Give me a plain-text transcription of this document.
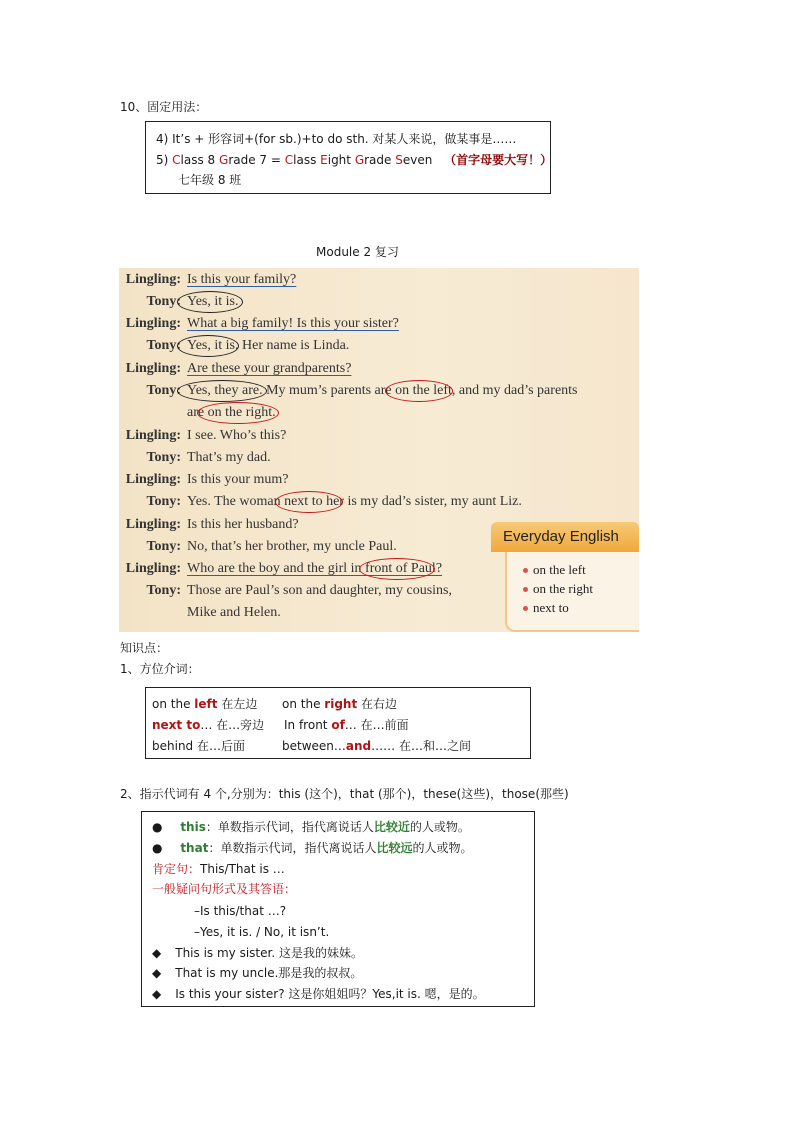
10、固定用法：
4) It’s + 形容词+(for sb.)+to do sth. 对某人来说，做某事是……
5) Class 8 Grade 7 = Class Eight Grade Seven （首字母要大写！）
七年级 8 班
Module 2 复习
Lingling: Is this your family?
Tony: Yes, it is.
Lingling: What a big family! Is this your sister?
Tony: Yes, it is. Her name is Linda.
Lingling: Are these your grandparents?
Tony: Yes, they are. My mum’s parents are on the left, and my dad’s parents
are on the right.
Lingling: I see. Who’s this?
Tony: That’s my dad.
Lingling: Is this your mum?
Tony: Yes. The woman next to her is my dad’s sister, my aunt Liz.
Lingling: Is this her husband?
Tony: No, that’s her brother, my uncle Paul.
Lingling: Who are the boy and the girl in front of Paul?
Tony: Those are Paul’s son and daughter, my cousins,
Mike and Helen.
Everyday English
on the left
on the right
next to
知识点：
1、方位介词：
on the left 在左边 on the right 在右边
next to… 在…旁边 In front of… 在…前面
behind 在…后面	between…and…… 在…和…之间
2、指示代词有 4 个,分别为：this (这个)，that (那个)，these(这些)，those(那些)
● this：单数指示代词，指代离说话人比较近的人或物。
● that：单数指示代词，指代离说话人比较远的人或物。
肯定句：This/That is …
一般疑问句形式及其答语：
–Is this/that …?
–Yes, it is. / No, it isn’t.
◆ This is my sister. 这是我的妹妹。
◆ That is my uncle.那是我的叔叔。
◆ Is this your sister? 这是你姐姐吗？Yes,it is. 嗯，是的。
